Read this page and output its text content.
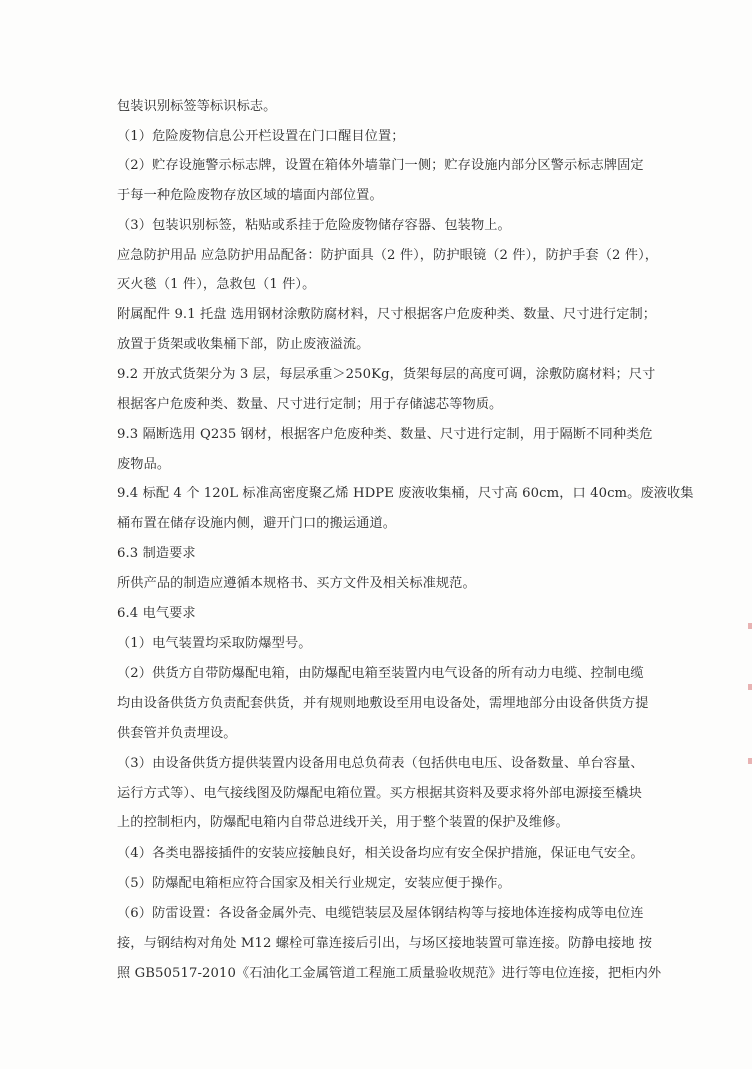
包装识别标签等标识标志。
（1）危险废物信息公开栏设置在门口醒目位置；
（2）贮存设施警示标志牌，设置在箱体外墙靠门一侧；贮存设施内部分区警示标志牌固定
于每一种危险废物存放区域的墙面内部位置。
（3）包装识别标签，粘贴或系挂于危险废物储存容器、包装物上。
应急防护用品 应急防护用品配备：防护面具（2 件），防护眼镜（2 件），防护手套（2 件），
灭火毯（1 件），急救包（1 件）。
附属配件 9.1 托盘 选用钢材涂敷防腐材料，尺寸根据客户危废种类、数量、尺寸进行定制；
放置于货架或收集桶下部，防止废液溢流。
9.2 开放式货架分为 3 层，每层承重＞250Kg，货架每层的高度可调，涂敷防腐材料；尺寸
根据客户危废种类、数量、尺寸进行定制；用于存储滤芯等物质。
9.3 隔断选用 Q235 钢材，根据客户危废种类、数量、尺寸进行定制，用于隔断不同种类危
废物品。
9.4 标配 4 个 120L 标准高密度聚乙烯 HDPE 废液收集桶，尺寸高 60cm，口 40cm。废液收集
桶布置在储存设施内侧，避开门口的搬运通道。
6.3 制造要求
所供产品的制造应遵循本规格书、买方文件及相关标准规范。
6.4 电气要求
（1）电气装置均采取防爆型号。
（2）供货方自带防爆配电箱，由防爆配电箱至装置内电气设备的所有动力电缆、控制电缆
均由设备供货方负责配套供货，并有规则地敷设至用电设备处，需埋地部分由设备供货方提
供套管并负责埋设。
（3）由设备供货方提供装置内设备用电总负荷表（包括供电电压、设备数量、单台容量、
运行方式等）、电气接线图及防爆配电箱位置。买方根据其资料及要求将外部电源接至橇块
上的控制柜内，防爆配电箱内自带总进线开关，用于整个装置的保护及维修。
（4）各类电器接插件的安装应接触良好，相关设备均应有安全保护措施，保证电气安全。
（5）防爆配电箱柜应符合国家及相关行业规定，安装应便于操作。
（6）防雷设置：各设备金属外壳、电缆铠装层及屋体钢结构等与接地体连接构成等电位连
接，与钢结构对角处 M12 螺栓可靠连接后引出，与场区接地装置可靠连接。防静电接地 按
照 GB50517-2010《石油化工金属管道工程施工质量验收规范》进行等电位连接，把柜内外
